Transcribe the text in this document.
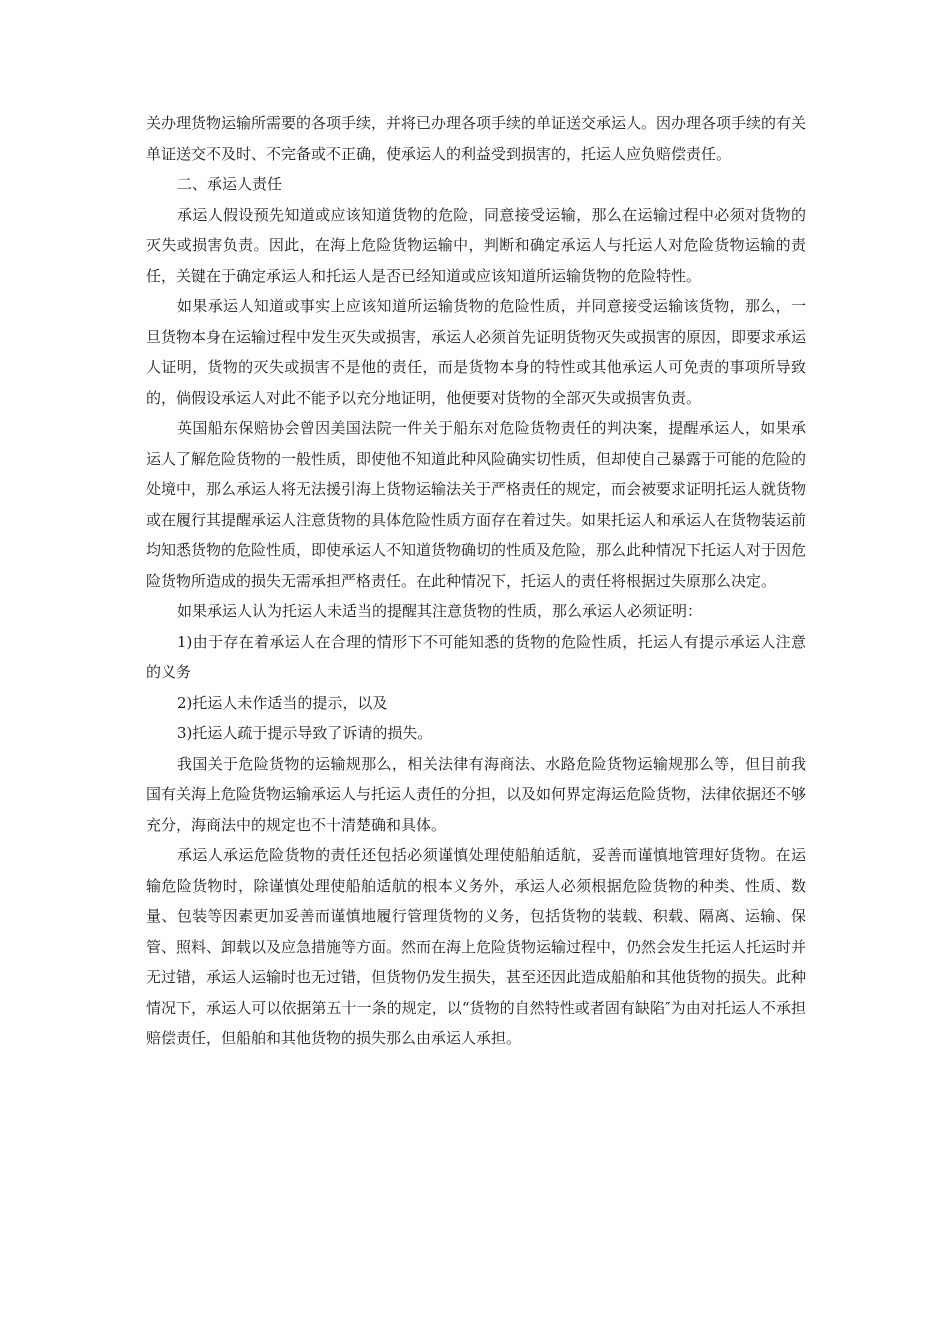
关办理货物运输所需要的各项手续，并将已办理各项手续的单证送交承运人。因办理各项手续的有关单证送交不及时、不完备或不正确，使承运人的利益受到损害的，托运人应负赔偿责任。

二、承运人责任

承运人假设预先知道或应该知道货物的危险，同意接受运输，那么在运输过程中必须对货物的灭失或损害负责。因此，在海上危险货物运输中，判断和确定承运人与托运人对危险货物运输的责任，关键在于确定承运人和托运人是否已经知道或应该知道所运输货物的危险特性。

如果承运人知道或事实上应该知道所运输货物的危险性质，并同意接受运输该货物，那么，一旦货物本身在运输过程中发生灭失或损害，承运人必须首先证明货物灭失或损害的原因，即要求承运人证明，货物的灭失或损害不是他的责任，而是货物本身的特性或其他承运人可免责的事项所导致的，倘假设承运人对此不能予以充分地证明，他便要对货物的全部灭失或损害负责。

英国船东保赔协会曾因美国法院一件关于船东对危险货物责任的判决案，提醒承运人，如果承运人了解危险货物的一般性质，即使他不知道此种风险确实切性质，但却使自己暴露于可能的危险的处境中，那么承运人将无法援引海上货物运输法关于严格责任的规定，而会被要求证明托运人就货物或在履行其提醒承运人注意货物的具体危险性质方面存在着过失。如果托运人和承运人在货物装运前均知悉货物的危险性质，即使承运人不知道货物确切的性质及危险，那么此种情况下托运人对于因危险货物所造成的损失无需承担严格责任。在此种情况下，托运人的责任将根据过失原那么决定。

如果承运人认为托运人未适当的提醒其注意货物的性质，那么承运人必须证明：

1)由于存在着承运人在合理的情形下不可能知悉的货物的危险性质，托运人有提示承运人注意的义务

2)托运人未作适当的提示，以及

3)托运人疏于提示导致了诉请的损失。

我国关于危险货物的运输规那么，相关法律有海商法、水路危险货物运输规那么等，但目前我国有关海上危险货物运输承运人与托运人责任的分担，以及如何界定海运危险货物，法律依据还不够充分，海商法中的规定也不十清楚确和具体。

承运人承运危险货物的责任还包括必须谨慎处理使船舶适航，妥善而谨慎地管理好货物。在运输危险货物时，除谨慎处理使船舶适航的根本义务外，承运人必须根据危险货物的种类、性质、数量、包装等因素更加妥善而谨慎地履行管理货物的义务，包括货物的装载、积载、隔离、运输、保管、照料、卸载以及应急措施等方面。然而在海上危险货物运输过程中，仍然会发生托运人托运时并无过错，承运人运输时也无过错，但货物仍发生损失，甚至还因此造成船舶和其他货物的损失。此种情况下，承运人可以依据第五十一条的规定，以“货物的自然特性或者固有缺陷″为由对托运人不承担赔偿责任，但船舶和其他货物的损失那么由承运人承担。
